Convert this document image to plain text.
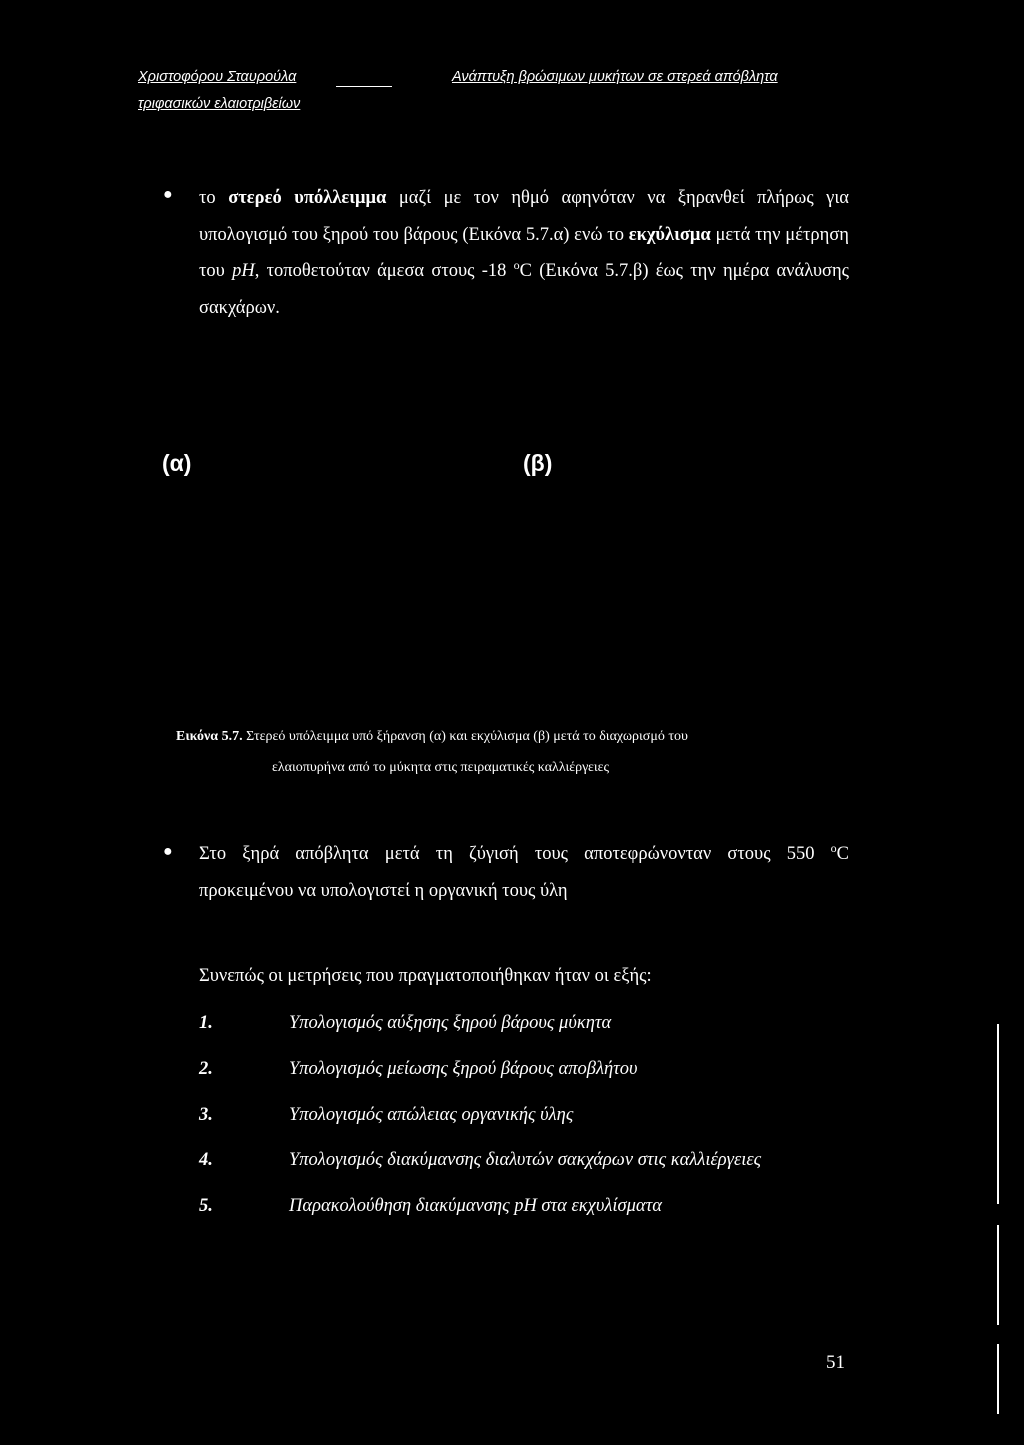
Χριστοφόρου Σταυρούλα	Ανάπτυξη βρώσιμων μυκήτων σε στερεά απόβλητα
τριφασικών ελαιοτριβείων
● το στερεό υπόλλειμμα μαζί με τον ηθμό αφηνόταν να ξηρανθεί πλήρως για υπολογισμό του ξηρού του βάρους (Εικόνα 5.7.α) ενώ το εκχύλισμα μετά την μέτρηση του pH, τοποθετούταν άμεσα στους -18 $^o$C (Εικόνα 5.7.β) έως την ημέρα ανάλυσης σακχάρων.

(α)	(β)
Εικόνα 5.7. Στερεό υπόλειμμα υπό ξήρανση (α) και εκχύλισμα (β) μετά το διαχωρισμό του
ελαιοπυρήνα από το μύκητα στις πειραματικές καλλιέργειες
● Στο ξηρά απόβλητα μετά τη ζύγισή τους αποτεφρώνονταν στους 550 $^o$C

προκειμένου να υπολογιστεί η οργανική τους ύλη

Συνεπώς οι μετρήσεις που πραγματοποιήθηκαν ήταν οι εξής:
1.	Υπολογισμός αύξησης ξηρού βάρους μύκητα
2.	Υπολογισμός μείωσης ξηρού βάρους αποβλήτου
3.	Υπολογισμός απώλειας οργανικής ύλης
4.	Υπολογισμός διακύμανσης διαλυτών σακχάρων στις καλλιέργειες
5.	Παρακολούθηση διακύμανσης pH στα εκχυλίσματα
51
